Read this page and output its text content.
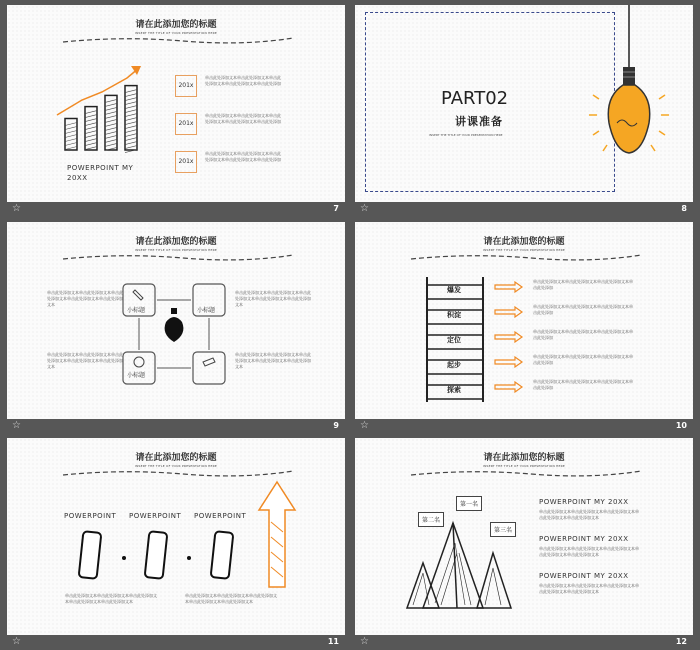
请在此添加您的标题
INSERT THE TITLE OF YOUR PRESENTATION HERE
POWERPOINT MY 20XX
201x
单击此处添加文本单击此处添加文本单击此处添加文本单击此处添加文本单击此处添加
201x
单击此处添加文本单击此处添加文本单击此处添加文本单击此处添加文本单击此处添加
201x
单击此处添加文本单击此处添加文本单击此处添加文本单击此处添加文本单击此处添加
☆	7
PART02
讲课准备
INSERT THE TITLE OF YOUR PRESENTATION HERE
☆	8
请在此添加您的标题
INSERT THE TITLE OF YOUR PRESENTATION HERE
单击此处添加文本单击此处添加文本单击此处添加文本单击此处添加文本单击此处添加文本
单击此处添加文本单击此处添加文本单击此处添加文本单击此处添加文本单击此处添加文本
单击此处添加文本单击此处添加文本单击此处添加文本单击此处添加文本单击此处添加文本
单击此处添加文本单击此处添加文本单击此处添加文本单击此处添加文本单击此处添加文本
小标题	小标题
小标题
☆	9
请在此添加您的标题
INSERT THE TITLE OF YOUR PRESENTATION HERE
爆发
积淀
定位
起步
探索
单击此处添加文本单击此处添加文本单击此处添加文本单击此处添加
单击此处添加文本单击此处添加文本单击此处添加文本单击此处添加
单击此处添加文本单击此处添加文本单击此处添加文本单击此处添加
单击此处添加文本单击此处添加文本单击此处添加文本单击此处添加
单击此处添加文本单击此处添加文本单击此处添加文本单击此处添加
☆	10
请在此添加您的标题
INSERT THE TITLE OF YOUR PRESENTATION HERE
POWERPOINT POWERPOINT POWERPOINT
单击此处添加文本单击此处添加文本单击此处添加文本单击此处添加文本单击此处添加文本
单击此处添加文本单击此处添加文本单击此处添加文本单击此处添加文本单击此处添加文本
☆	11
请在此添加您的标题
INSERT THE TITLE OF YOUR PRESENTATION HERE
第一名
第二名
第三名
POWERPOINT MY 20XX
单击此处添加文本单击此处添加文本单击此处添加文本单击此处添加文本单击此处添加文本
POWERPOINT MY 20XX
单击此处添加文本单击此处添加文本单击此处添加文本单击此处添加文本单击此处添加文本
POWERPOINT MY 20XX
单击此处添加文本单击此处添加文本单击此处添加文本单击此处添加文本单击此处添加文本
☆	12
